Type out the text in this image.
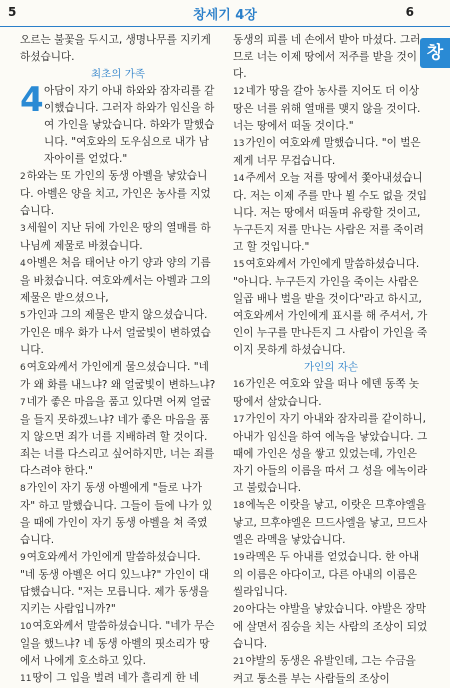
5	창세기 4장	6
창

오르는 불꽃을 두시고, 생명나무를 지키게 하셨습니다.

최초의 가족
4 아담이 자기 아내 하와와 잠자리를 같이했습니다. 그러자 하와가 임신을 하여 가인을 낳았습니다. 하와가 말했습니다. "여호와의 도우심으로 내가 남자아이를 얻었다."

2하와는 또 가인의 동생 아벨을 낳았습니다. 아벨은 양을 치고, 가인은 농사를 지었습니다.

3세월이 지난 뒤에 가인은 땅의 열매를 하나님께 제물로 바쳤습니다.

4아벨은 처음 태어난 아기 양과 양의 기름을 바쳤습니다. 여호와께서는 아벨과 그의 제물은 받으셨으나,

5가인과 그의 제물은 받지 않으셨습니다. 가인은 매우 화가 나서 얼굴빛이 변하였습니다.

6여호와께서 가인에게 물으셨습니다. "네가 왜 화를 내느냐? 왜 얼굴빛이 변하느냐?

7네가 좋은 마음을 품고 있다면 어찌 얼굴을 들지 못하겠느냐? 네가 좋은 마음을 품지 않으면 죄가 너를 지배하려 할 것이다. 죄는 너를 다스리고 싶어하지만, 너는 죄를 다스려야 한다."

8가인이 자기 동생 아벨에게 "들로 나가자" 하고 말했습니다. 그들이 들에 나가 있을 때에 가인이 자기 동생 아벨을 쳐 죽였습니다.

9여호와께서 가인에게 말씀하셨습니다. "네 동생 아벨은 어디 있느냐?" 가인이 대답했습니다. "저는 모릅니다. 제가 동생을 지키는 사람입니까?"

10여호와께서 말씀하셨습니다. "네가 무슨 일을 했느냐? 네 동생 아벨의 핏소리가 땅에서 나에게 호소하고 있다.

11땅이 그 입을 벌려 네가 흘리게 한 네

동생의 피를 네 손에서 받아 마셨다. 그러므로 너는 이제 땅에서 저주를 받을 것이다.

12네가 땅을 갈아 농사를 지어도 더 이상 땅은 너를 위해 열매를 맺지 않을 것이다. 너는 땅에서 떠돌 것이다."

13가인이 여호와께 말했습니다. "이 벌은 제게 너무 무겁습니다.

14주께서 오늘 저를 땅에서 쫓아내셨습니다. 저는 이제 주를 만나 뵐 수도 없을 것입니다. 저는 땅에서 떠돌며 유랑할 것이고, 누구든지 저를 만나는 사람은 저를 죽이려고 할 것입니다."

15여호와께서 가인에게 말씀하셨습니다. "아니다. 누구든지 가인을 죽이는 사람은 일곱 배나 벌을 받을 것이다"라고 하시고, 여호와께서 가인에게 표시를 해 주셔서, 가인이 누구를 만나든지 그 사람이 가인을 죽이지 못하게 하셨습니다.

가인의 자손

16가인은 여호와 앞을 떠나 에덴 동쪽 놋 땅에서 살았습니다.

17가인이 자기 아내와 잠자리를 같이하니, 아내가 임신을 하여 에녹을 낳았습니다. 그때에 가인은 성을 쌓고 있었는데, 가인은 자기 아들의 이름을 따서 그 성을 에녹이라고 불렀습니다.

18에녹은 이랏을 낳고, 이랏은 므후야엘을 낳고, 므후야엘은 므드사엘을 낳고, 므드사엘은 라멕을 낳았습니다.

19라멕은 두 아내를 얻었습니다. 한 아내의 이름은 아다이고, 다른 아내의 이름은 씰라입니다.

20아다는 야발을 낳았습니다. 야발은 장막에 살면서 짐승을 치는 사람의 조상이 되었습니다.

21야발의 동생은 유발인데, 그는 수금을 켜고 퉁소를 부는 사람들의 조상이
